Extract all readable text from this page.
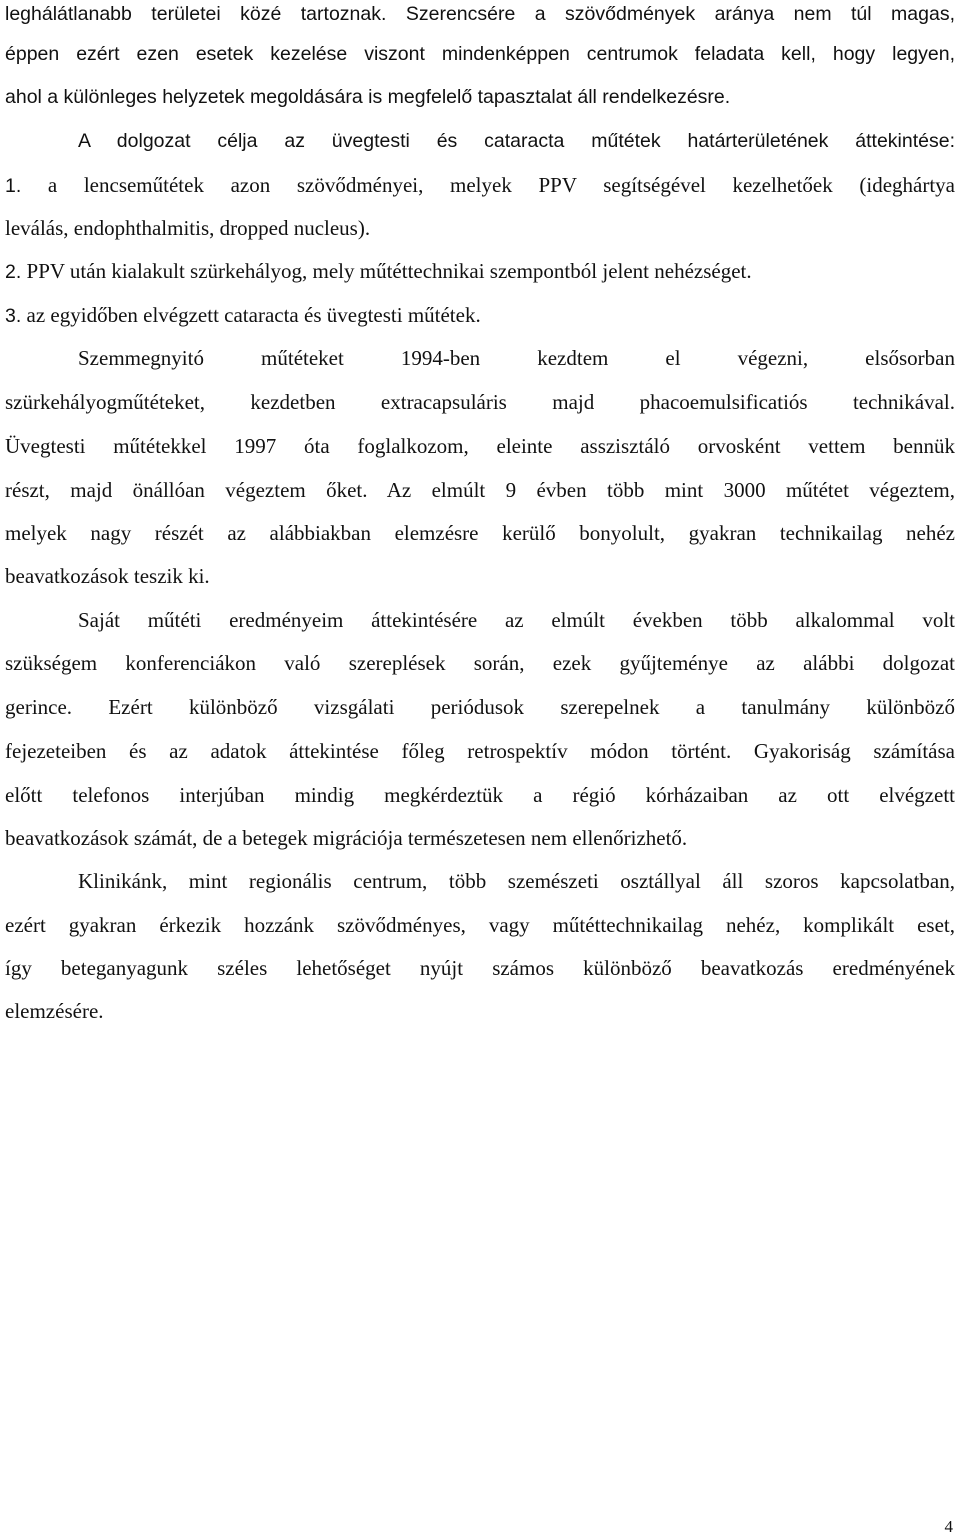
leghálátlanabb területei közé tartoznak. Szerencsére a szövődmények aránya nem túl magas,

éppen ezért ezen esetek kezelése viszont mindenképpen centrumok feladata kell, hogy legyen,

ahol a különleges helyzetek megoldására is megfelelő tapasztalat áll rendelkezésre.

A dolgozat célja az üvegtesti és cataracta műtétek határterületének áttekintése:

1. a lencseműtétek azon szövődményei, melyek PPV segítségével kezelhetőek (ideghártya

leválás, endophthalmitis, dropped nucleus).

2. PPV után kialakult szürkehályog, mely műtéttechnikai szempontból jelent nehézséget.

3. az egyidőben elvégzett cataracta és üvegtesti műtétek.

Szemmegnyitó műtéteket 1994-ben kezdtem el végezni, elsősorban

szürkehályogműtéteket, kezdetben extracapsuláris majd phacoemulsificatiós technikával.

Üvegtesti műtétekkel 1997 óta foglalkozom, eleinte asszisztáló orvosként vettem bennük

részt, majd önállóan végeztem őket. Az elmúlt 9 évben több mint 3000 műtétet végeztem,

melyek nagy részét az alábbiakban elemzésre kerülő bonyolult, gyakran technikailag nehéz

beavatkozások teszik ki.

Saját műtéti eredményeim áttekintésére az elmúlt években több alkalommal volt

szükségem konferenciákon való szereplések során, ezek gyűjteménye az alábbi dolgozat

gerince. Ezért különböző vizsgálati periódusok szerepelnek a tanulmány különböző

fejezeteiben és az adatok áttekintése főleg retrospektív módon történt. Gyakoriság számítása

előtt telefonos interjúban mindig megkérdeztük a régió kórházaiban az ott elvégzett

beavatkozások számát, de a betegek migrációja természetesen nem ellenőrizhető.

Klinikánk, mint regionális centrum, több szemészeti osztállyal áll szoros kapcsolatban,

ezért gyakran érkezik hozzánk szövődményes, vagy műtéttechnikailag nehéz, komplikált eset,

így beteganyagunk széles lehetőséget nyújt számos különböző beavatkozás eredményének

elemzésére.

4
